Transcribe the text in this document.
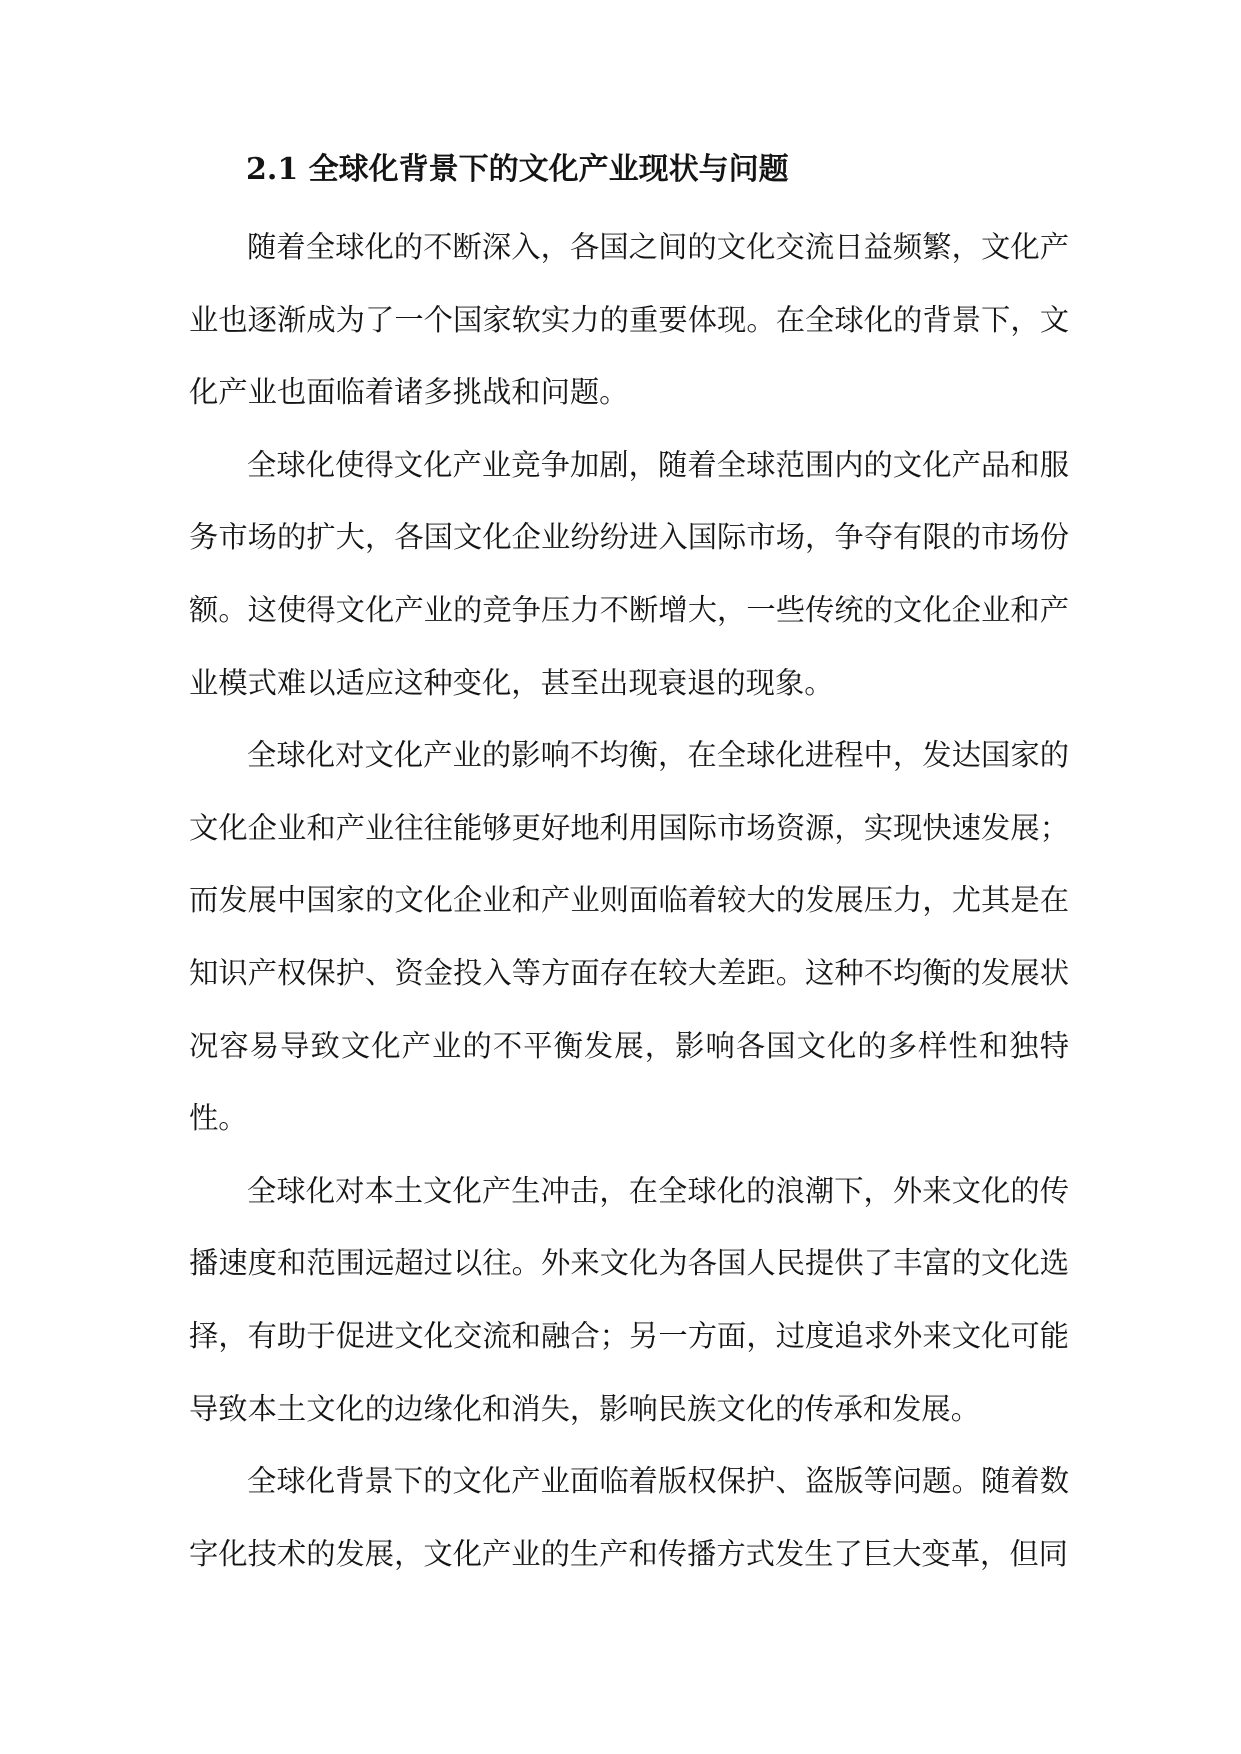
2.1 全球化背景下的文化产业现状与问题

随着全球化的不断深入，各国之间的文化交流日益频繁，文化产业也逐渐成为了一个国家软实力的重要体现。在全球化的背景下，文化产业也面临着诸多挑战和问题。

全球化使得文化产业竞争加剧，随着全球范围内的文化产品和服务市场的扩大，各国文化企业纷纷进入国际市场，争夺有限的市场份额。这使得文化产业的竞争压力不断增大，一些传统的文化企业和产业模式难以适应这种变化，甚至出现衰退的现象。

全球化对文化产业的影响不均衡，在全球化进程中，发达国家的文化企业和产业往往能够更好地利用国际市场资源，实现快速发展；而发展中国家的文化企业和产业则面临着较大的发展压力，尤其是在知识产权保护、资金投入等方面存在较大差距。这种不均衡的发展状况容易导致文化产业的不平衡发展，影响各国文化的多样性和独特性。

全球化对本土文化产生冲击，在全球化的浪潮下，外来文化的传播速度和范围远超过以往。外来文化为各国人民提供了丰富的文化选择，有助于促进文化交流和融合；另一方面，过度追求外来文化可能导致本土文化的边缘化和消失，影响民族文化的传承和发展。

全球化背景下的文化产业面临着版权保护、盗版等问题。随着数字化技术的发展，文化产业的生产和传播方式发生了巨大变革，但同
